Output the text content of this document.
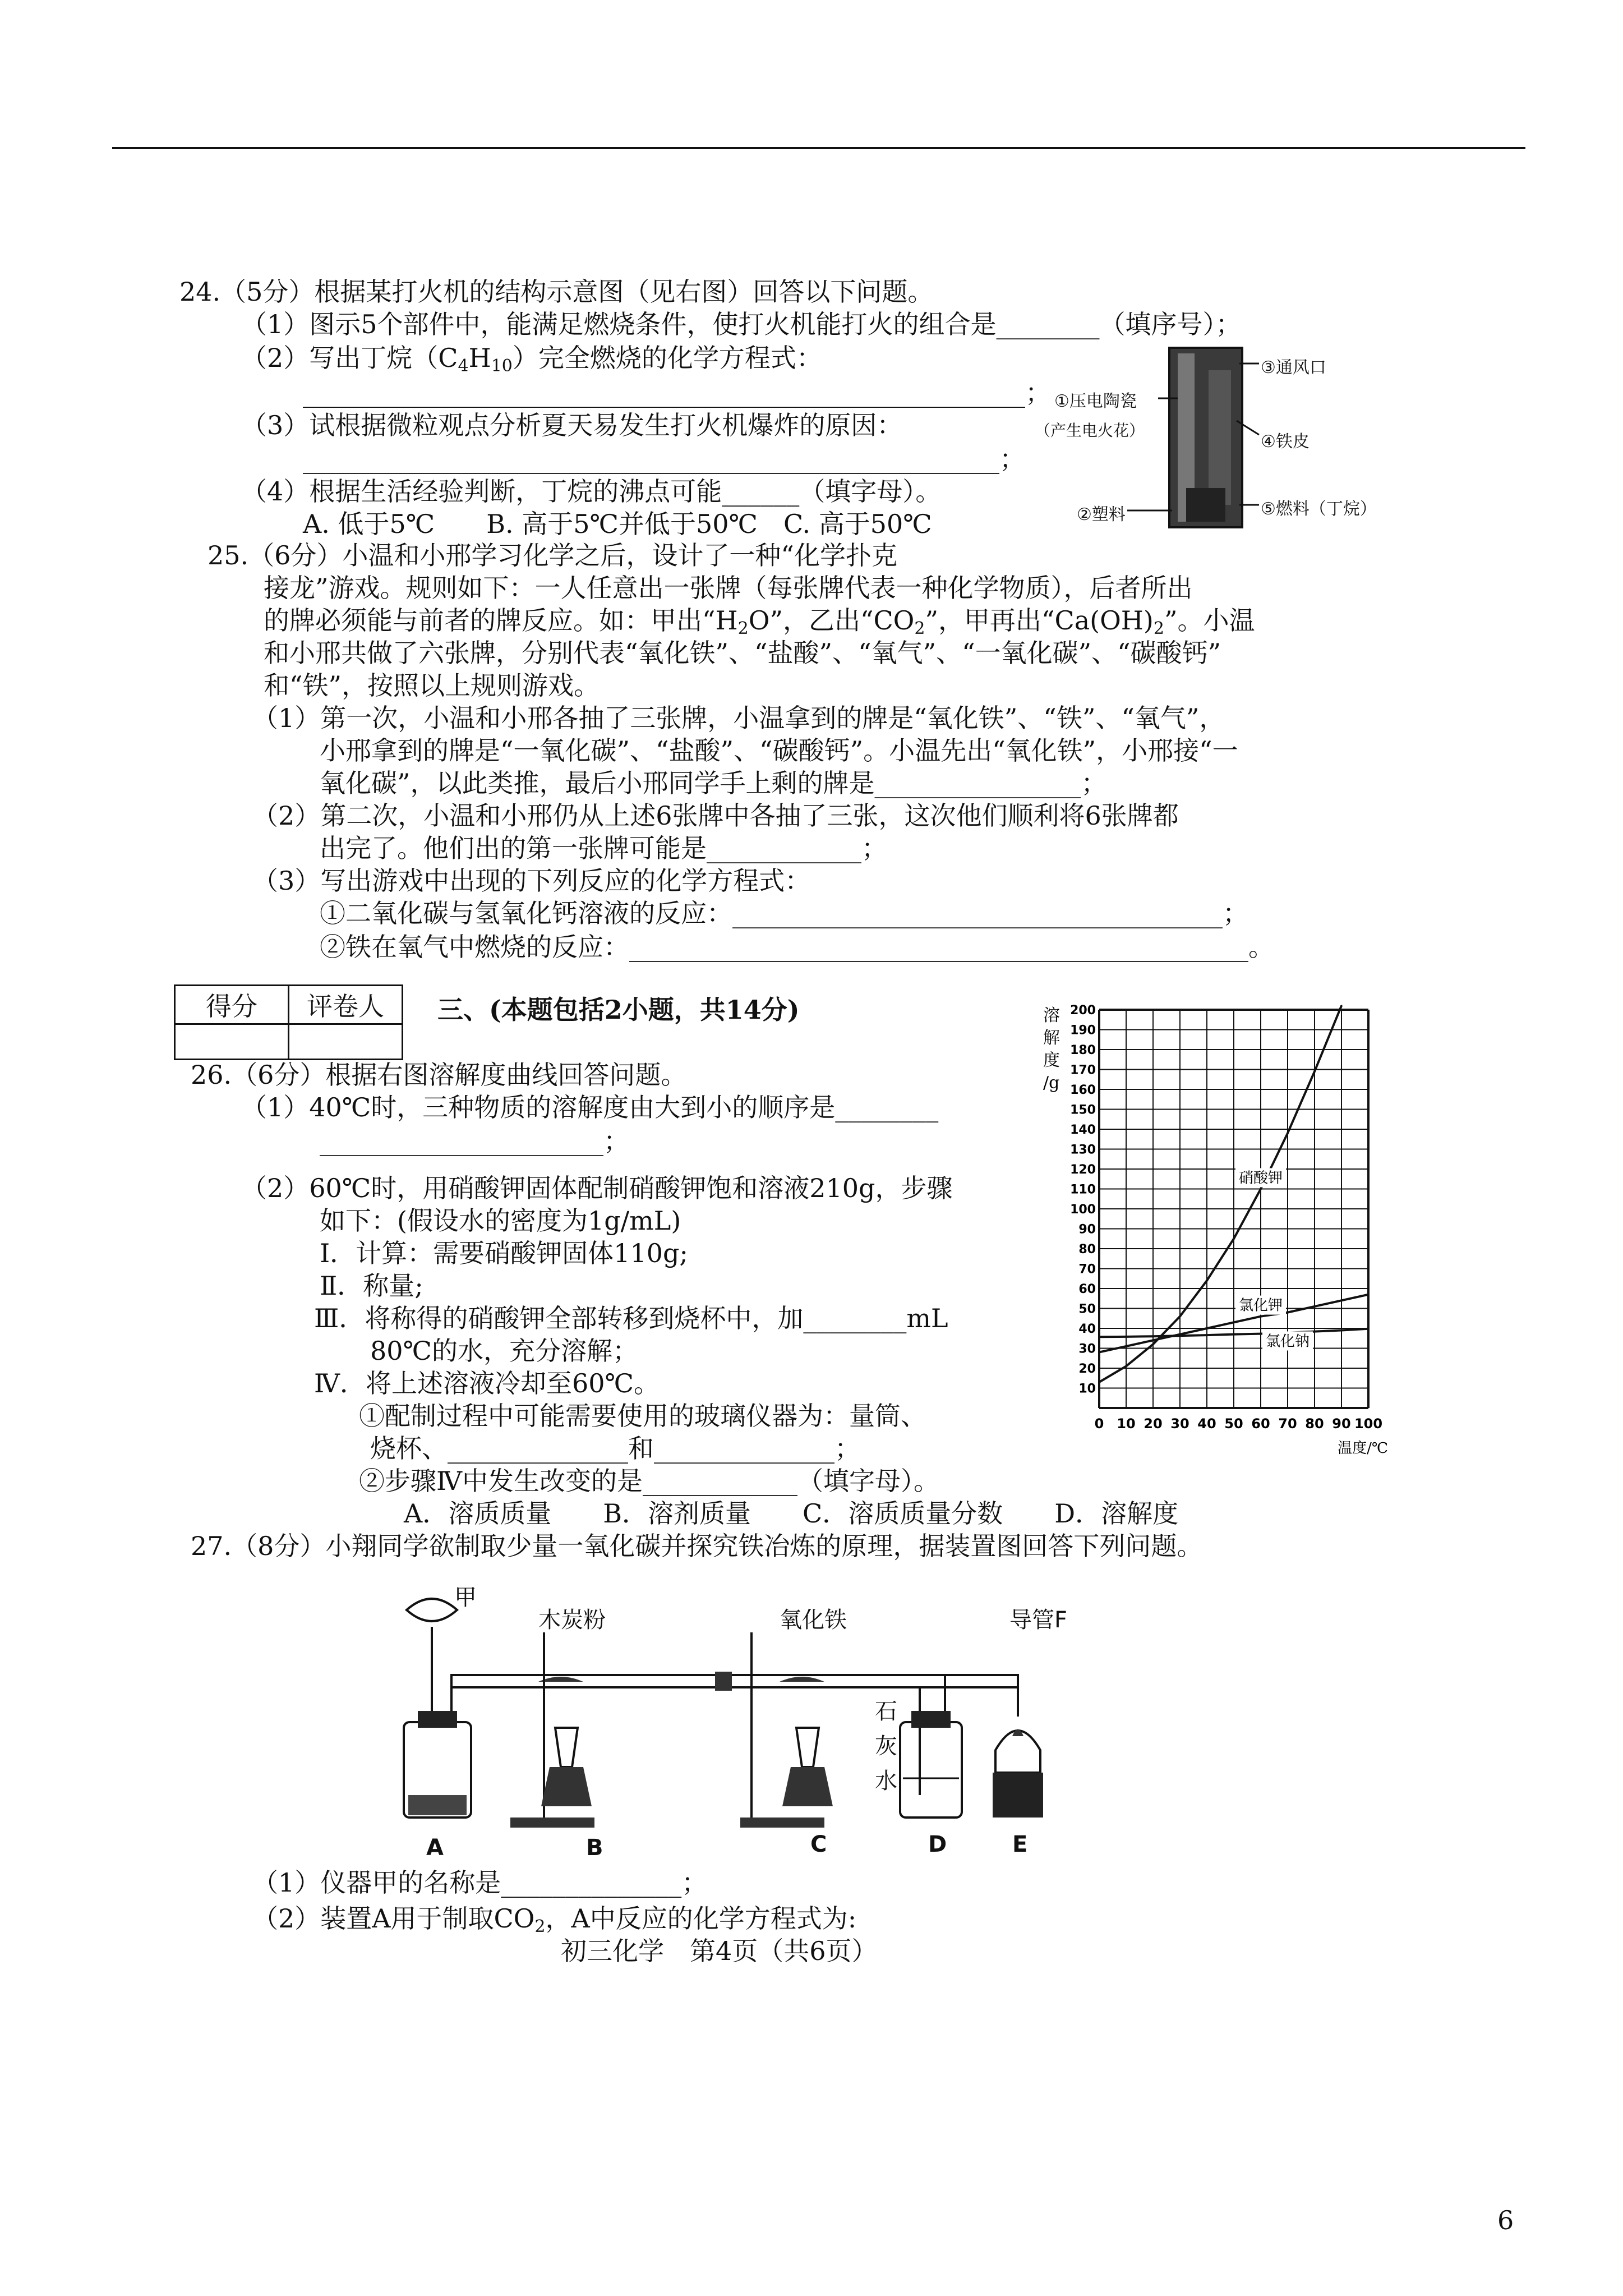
24.（5分）根据某打火机的结构示意图（见右图）回答以下问题。
（1）图示5个部件中，能满足燃烧条件，使打火机能打火的组合是________（填序号）；
（2）写出丁烷$(C_4H_{10})$完全燃烧的化学方程式：
________________________________________________________；
（3）试根据微粒观点分析夏天易发生打火机爆炸的原因：
______________________________________________________；
（4）根据生活经验判断，丁烷的沸点可能______（填字母）。
A. 低于5℃　　B. 高于5℃并低于50℃　C. 高于50℃
③通风口
①压电陶瓷
（产生电火花）
④铁皮
②塑料	⑤燃料（丁烷）
25.（6分）小温和小邢学习化学之后，设计了一种“化学扑克
接龙”游戏。规则如下：一人任意出一张牌（每张牌代表一种化学物质），后者所出
的牌必须能与前者的牌反应。如：甲出“$H_2O$”，乙出“$CO_2$”，甲再出“$Ca(OH)_2$”。小温
和小邢共做了六张牌，分别代表“氧化铁”、“盐酸”、“氧气”、“一氧化碳”、“碳酸钙”
和“铁”，按照以上规则游戏。
（1）第一次，小温和小邢各抽了三张牌，小温拿到的牌是“氧化铁”、“铁”、“氧气”，
小邢拿到的牌是“一氧化碳”、“盐酸”、“碳酸钙”。小温先出“氧化铁”，小邢接“一
氧化碳”，以此类推，最后小邢同学手上剩的牌是________________；
（2）第二次，小温和小邢仍从上述6张牌中各抽了三张，这次他们顺利将6张牌都
出完了。他们出的第一张牌可能是____________；
（3）写出游戏中出现的下列反应的化学方程式：
①二氧化碳与氢氧化钙溶液的反应：______________________________________；
②铁在氧气中燃烧的反应：________________________________________________。
得分	评卷人
	三、(本题包括2小题，共14分)
26.（6分）根据右图溶解度曲线回答问题。
（1）40℃时，三种物质的溶解度由大到小的顺序是________
______________________；
（2）60℃时，用硝酸钾固体配制硝酸钾饱和溶液210g，步骤
如下：(假设水的密度为1g/mL)
Ⅰ．计算：需要硝酸钾固体110g;
Ⅱ．称量;
Ⅲ．将称得的硝酸钾全部转移到烧杯中，加________mL
80℃的水，充分溶解；
Ⅳ．将上述溶液冷却至60℃。
①配制过程中可能需要使用的玻璃仪器为：量筒、
烧杯、______________和______________；
②步骤Ⅳ中发生改变的是____________（填字母）。
A．溶质质量　　B．溶剂质量　　C．溶质质量分数　　D．溶解度
0 10 20 30 40 50 60 70 80 90 100
10
20
30
40
50
60
70
80
90
100
110
120
130
140
150
160
170
180
190
200
溶
解
度
/g
温度/℃
硝酸钾
氯化钾
氯化钠
27.（8分）小翔同学欲制取少量一氧化碳并探究铁冶炼的原理，据装置图回答下列问题。
甲
木炭粉	氧化铁	导管F
石灰水
A	B	C	D	E
（1）仪器甲的名称是______________；
（2）装置A用于制取$CO_2$，A中反应的化学方程式为:
初三化学　第4页（共6页）
6
